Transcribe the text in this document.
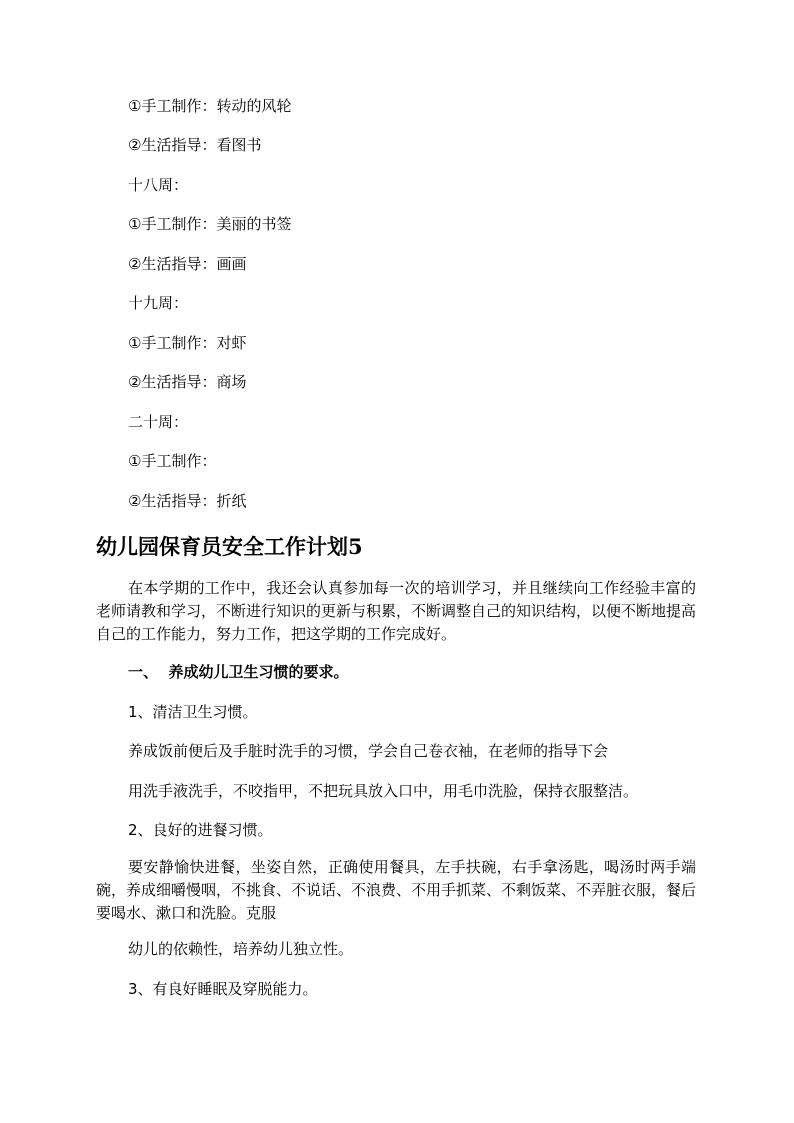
①手工制作：转动的风轮
②生活指导：看图书
十八周：
①手工制作：美丽的书签
②生活指导：画画
十九周：
①手工制作：对虾
②生活指导：商场
二十周：
①手工制作：
②生活指导：折纸
幼儿园保育员安全工作计划5
在本学期的工作中，我还会认真参加每一次的培训学习，并且继续向工作经验丰富的老师请教和学习，不断进行知识的更新与积累，不断调整自己的知识结构，以便不断地提高自己的工作能力，努力工作，把这学期的工作完成好。
一、  养成幼儿卫生习惯的要求。
1、清洁卫生习惯。
养成饭前便后及手脏时洗手的习惯，学会自己卷衣袖，在老师的指导下会
用洗手液洗手，不咬指甲，不把玩具放入口中，用毛巾洗脸，保持衣服整洁。
2、良好的进餐习惯。
要安静愉快进餐，坐姿自然，正确使用餐具，左手扶碗，右手拿汤匙，喝汤时两手端碗，养成细嚼慢咽，不挑食、不说话、不浪费、不用手抓菜、不剩饭菜、不弄脏衣服，餐后要喝水、漱口和洗脸。克服
幼儿的依赖性，培养幼儿独立性。
3、有良好睡眠及穿脱能力。
